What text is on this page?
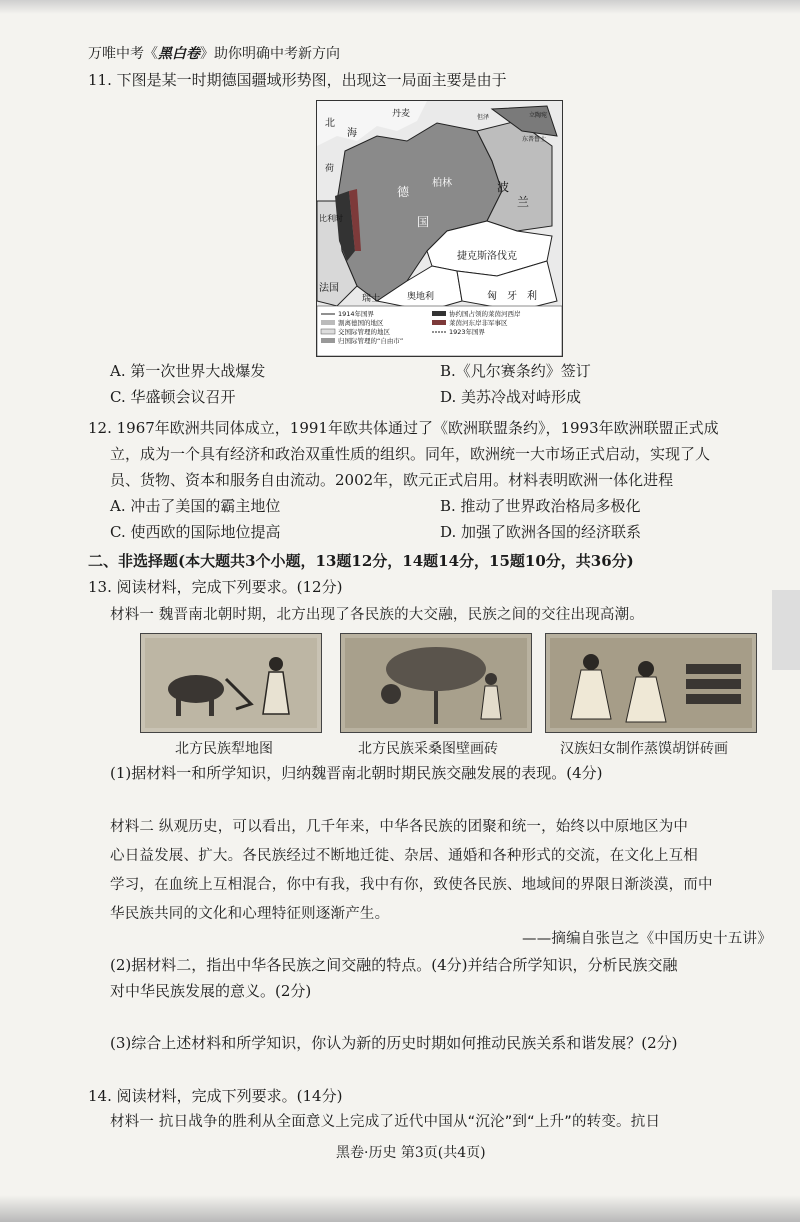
万唯中考《黑白卷》助你明确中考新方向
11. 下图是某一时期德国疆域形势图，出现这一局面主要是由于
1914年国界
割离德国的地区
交国际管理的地区
归国际管理的“自由市”
协约国占领的莱茵河西岸
莱茵河东岸非军事区
1923年国界
北
海
丹麦
柏林
德
国
波
兰
捷克斯洛伐克
法国
比利时
荷
瑞士	奥地利	匈 牙 利
立陶宛
但泽
东普鲁士
A. 第一次世界大战爆发	B.《凡尔赛条约》签订
C. 华盛顿会议召开	D. 美苏冷战对峙形成
12. 1967年欧洲共同体成立，1991年欧共体通过了《欧洲联盟条约》，1993年欧洲联盟正式成
立，成为一个具有经济和政治双重性质的组织。同年，欧洲统一大市场正式启动，实现了人
员、货物、资本和服务自由流动。2002年，欧元正式启用。材料表明欧洲一体化进程
A. 冲击了美国的霸主地位	B. 推动了世界政治格局多极化
C. 使西欧的国际地位提高	D. 加强了欧洲各国的经济联系
二、非选择题(本大题共3个小题，13题12分，14题14分，15题10分，共36分)
13. 阅读材料，完成下列要求。(12分)
材料一 魏晋南北朝时期，北方出现了各民族的大交融，民族之间的交往出现高潮。
北方民族犁地图	北方民族采桑图壁画砖	汉族妇女制作蒸馍胡饼砖画
(1)据材料一和所学知识，归纳魏晋南北朝时期民族交融发展的表现。(4分)
材料二 纵观历史，可以看出，几千年来，中华各民族的团聚和统一，始终以中原地区为中
心日益发展、扩大。各民族经过不断地迁徙、杂居、通婚和各种形式的交流，在文化上互相
学习，在血统上互相混合，你中有我，我中有你，致使各民族、地域间的界限日渐淡漠，而中
华民族共同的文化和心理特征则逐渐产生。
——摘编自张岂之《中国历史十五讲》
(2)据材料二，指出中华各民族之间交融的特点。(4分)并结合所学知识，分析民族交融
对中华民族发展的意义。(2分)
(3)综合上述材料和所学知识，你认为新的历史时期如何推动民族关系和谐发展？(2分)
14. 阅读材料，完成下列要求。(14分)
材料一 抗日战争的胜利从全面意义上完成了近代中国从“沉沦”到“上升”的转变。抗日
黑卷·历史 第3页(共4页)
